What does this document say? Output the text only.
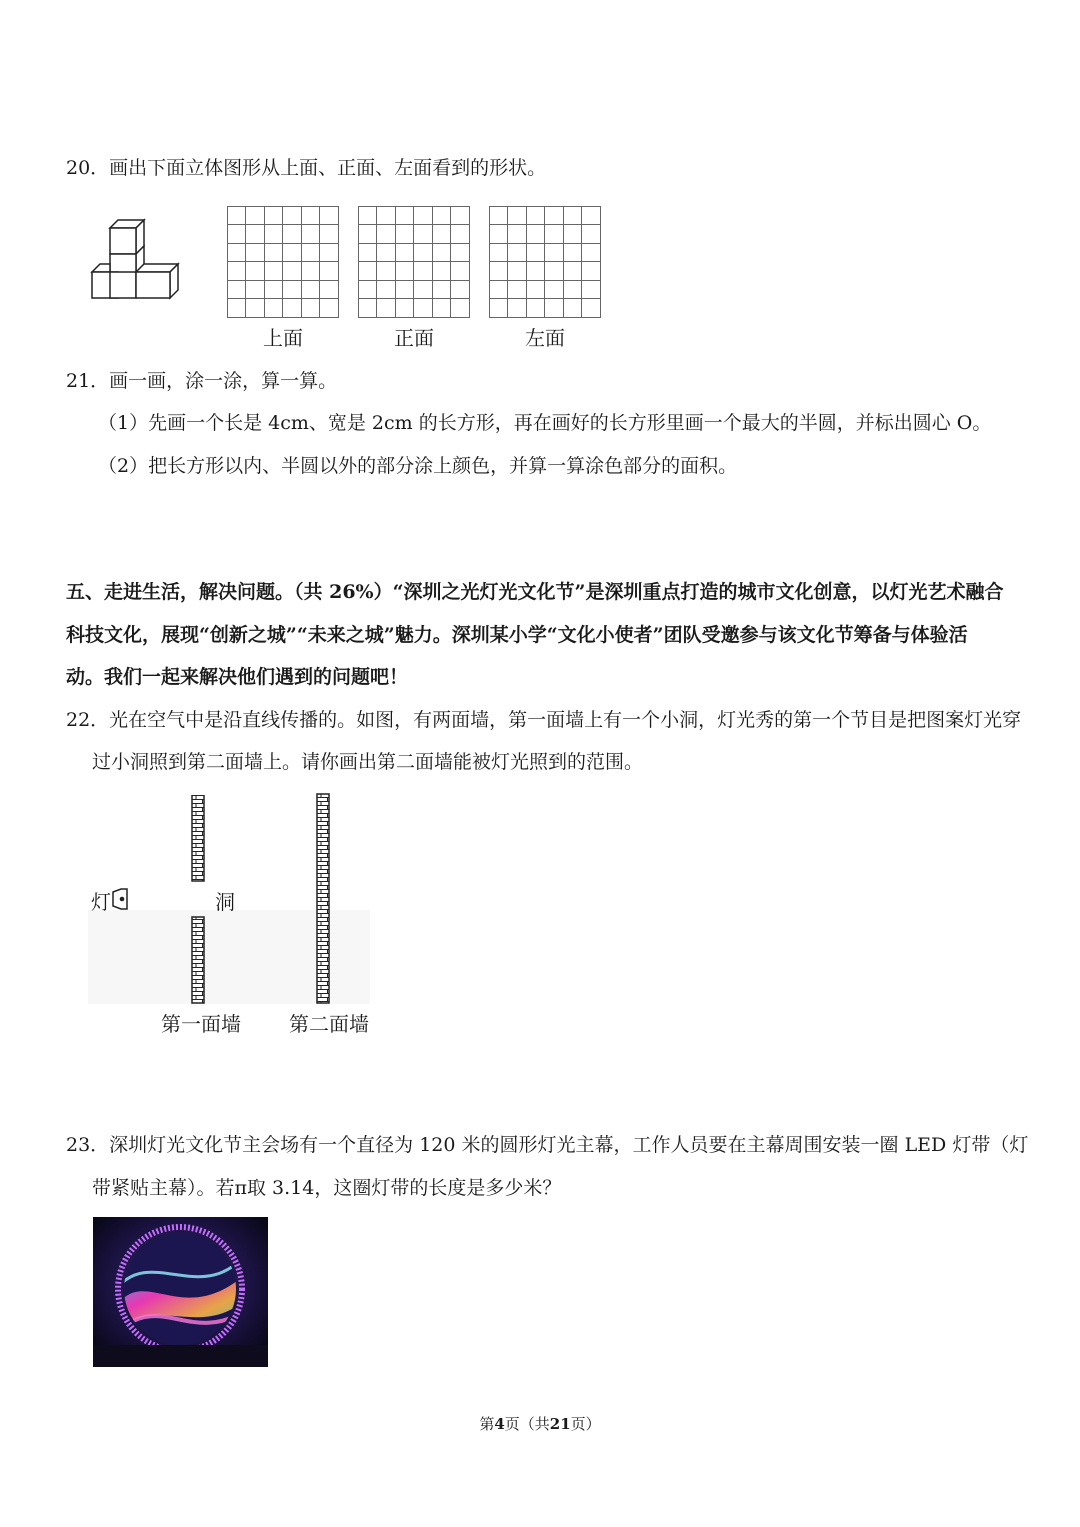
20．画出下面立体图形从上面、正面、左面看到的形状。
上面	正面	左面
21．画一画，涂一涂，算一算。
（1）先画一个长是 4cm、宽是 2cm 的长方形，再在画好的长方形里画一个最大的半圆，并标出圆心 O。
（2）把长方形以内、半圆以外的部分涂上颜色，并算一算涂色部分的面积。
五、走进生活，解决问题。（共 26%）“深圳之光灯光文化节”是深圳重点打造的城市文化创意，以灯光艺术融合
科技文化，展现“创新之城”“未来之城”魅力。深圳某小学“文化小使者”团队受邀参与该文化节筹备与体验活
动。我们一起来解决他们遇到的问题吧！
22．光在空气中是沿直线传播的。如图，有两面墙，第一面墙上有一个小洞，灯光秀的第一个节目是把图案灯光穿
过小洞照到第二面墙上。请你画出第二面墙能被灯光照到的范围。
灯	洞
第一面墙 第二面墙
23．深圳灯光文化节主会场有一个直径为 120 米的圆形灯光主幕，工作人员要在主幕周围安装一圈 LED 灯带（灯
带紧贴主幕）。若π取 3.14，这圈灯带的长度是多少米？
第4页（共21页）
